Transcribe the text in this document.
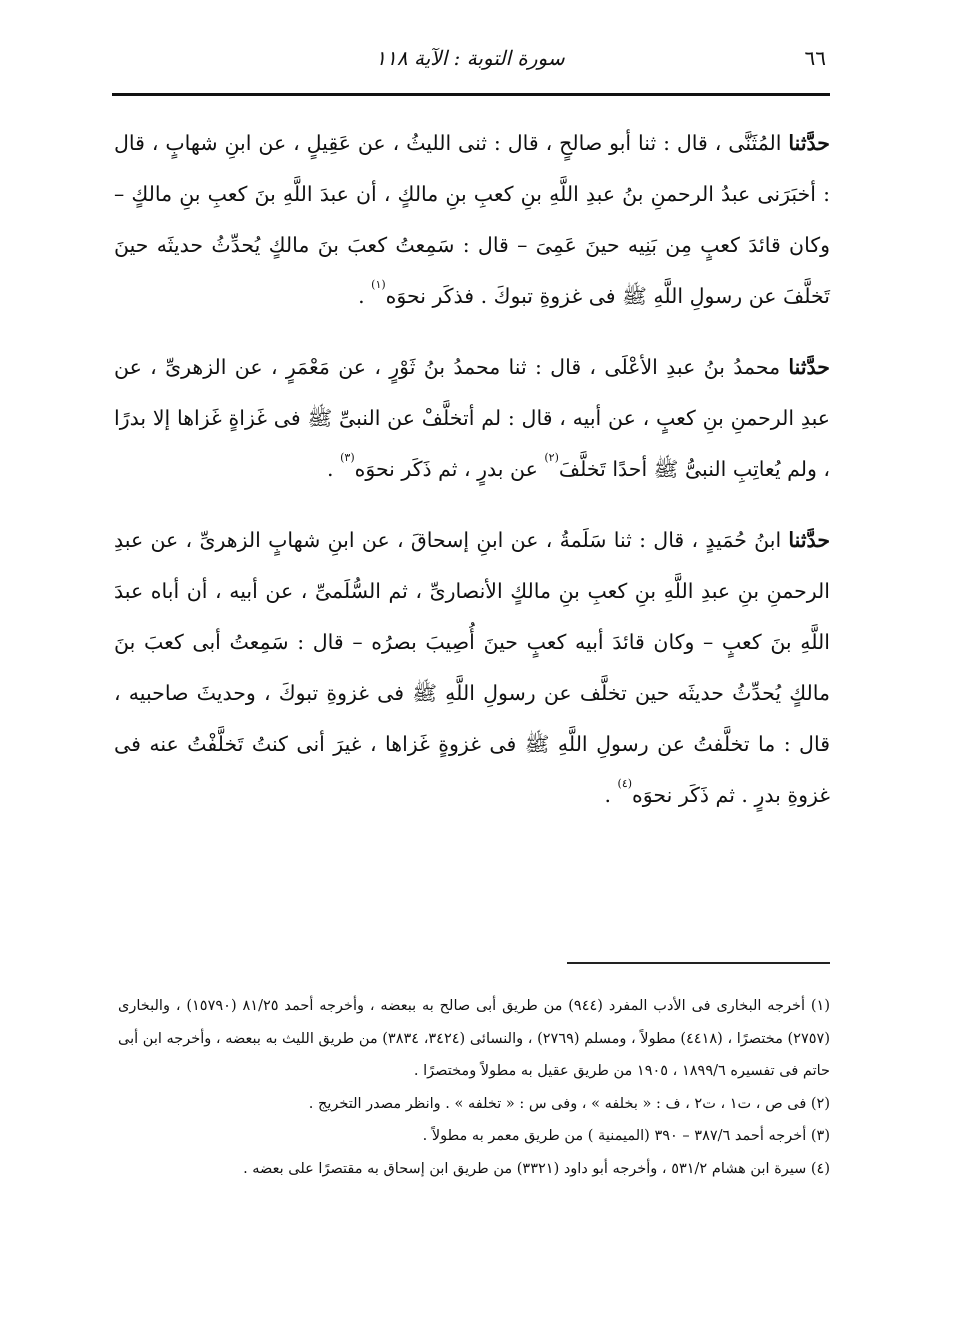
٦٦
سورة التوبة : الآية ١١٨

حدَّثنا المُثَنَّى ، قال : ثنا أبو صالحٍ ، قال : ثنى الليثُ ، عن عَقِيلٍ ، عن ابنِ شهابٍ ، قال : أخبَرَنى عبدُ الرحمنِ بنُ عبدِ اللَّهِ بنِ كعبِ بنِ مالكٍ ، أن عبدَ اللَّهِ بنَ كعبِ بنِ مالكٍ – وكان قائدَ كعبٍ مِن بَنِيه حينَ عَمِىَ – قال : سَمِعتُ كعبَ بنَ مالكٍ يُحدِّثُ حديثَه حينَ تَخلَّفَ عن رسولِ اللَّهِ ﷺ فى غزوةِ تبوكَ . فذكَر نحوَه$^{(١)}$ .

حدَّثنا محمدُ بنُ عبدِ الأعْلَى ، قال : ثنا محمدُ بنُ ثَوْرٍ ، عن مَعْمَرٍ ، عن الزهرىِّ ، عن عبدِ الرحمنِ بنِ كعبٍ ، عن أبيه ، قال : لم أتخلَّفْ عن النبىِّ ﷺ فى غَزاةٍ غَزاها إلا بدرًا ، ولم يُعاتِبِ النبىُّ ﷺ أحدًا تَخلَّفَ$^{(٢)}$ عن بدرٍ ، ثم ذَكَر نحوَه$^{(٣)}$ .

حدَّثنا ابنُ حُمَيدٍ ، قال : ثنا سَلَمةُ ، عن ابنِ إسحاقَ ، عن ابنِ شهابٍ الزهرىِّ ، عن عبدِ الرحمنِ بنِ عبدِ اللَّهِ بنِ كعبِ بنِ مالكٍ الأنصارىِّ ، ثم السُّلَمىِّ ، عن أبيه ، أن أباه عبدَ اللَّهِ بنَ كعبٍ – وكان قائدَ أبيه كعبٍ حينَ أُصِيبَ بصرُه – قال : سَمِعتُ أبى كعبَ بنَ مالكٍ يُحدِّثُ حديثَه حين تخلَّف عن رسولِ اللَّهِ ﷺ فى غزوةِ تبوكَ ، وحديثَ صاحبيه ، قال : ما تخلَّفتُ عن رسولِ اللَّهِ ﷺ فى غزوةٍ غَزاها ، غيرَ أنى كنتُ تَخلَّفْتُ عنه فى غزوةِ بدرٍ . ثم ذَكَر نحوَه$^{(٤)}$ .

(١) أخرجه البخارى فى الأدب المفرد (٩٤٤) من طريق أبى صالح به ببعضه ، وأخرجه أحمد ٨١/٢٥ (١٥٧٩٠) ، والبخارى (٢٧٥٧) مختصرًا ، (٤٤١٨) مطولاً ، ومسلم (٢٧٦٩) ، والنسائى (٣٤٢٤، ٣٨٣٤) من طريق الليث به ببعضه ، وأخرجه ابن أبى حاتم فى تفسيره ١٨٩٩/٦ ، ١٩٠٥ من طريق عقيل به مطولاً ومختصرًا .

(٢) فى ص ، ت١ ، ت٢ ، ف : « بخلفه » ، وفى س : « تخلفه » . وانظر مصدر التخريج .

(٣) أخرجه أحمد ٣٨٧/٦ – ٣٩٠ (الميمنية ) من طريق معمر به مطولاً .

(٤) سيرة ابن هشام ٥٣١/٢ ، وأخرجه أبو داود (٣٣٢١) من طريق ابن إسحاق به مقتصرًا على بعضه .
